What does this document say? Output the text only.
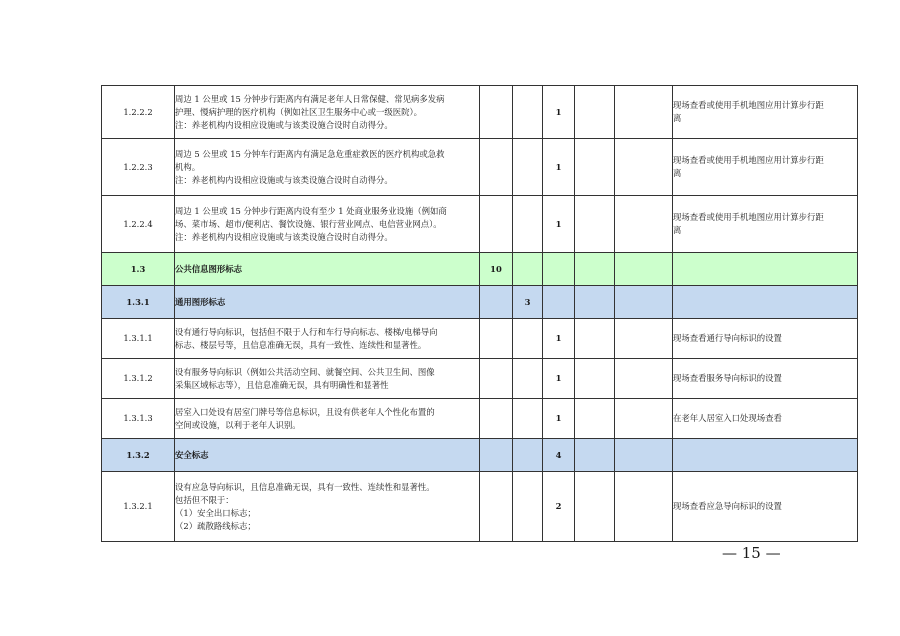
1.2.2.2	周边 1 公里或 15 分钟步行距离内有满足老年人日常保健、常见病多发病
护理、慢病护理的医疗机构（例如社区卫生服务中心或一级医院）。
注：养老机构内设相应设施或与该类设施合设时自动得分。			1			现场查看或使用手机地图应用计算步行距
离

1.2.2.3	周边 5 公里或 15 分钟车行距离内有满足急危重症救医的医疗机构或急救
机构。
注：养老机构内设相应设施或与该类设施合设时自动得分。			1			现场查看或使用手机地图应用计算步行距
离

1.2.2.4	周边 1 公里或 15 分钟步行距离内设有至少 1 处商业服务业设施（例如商
场、菜市场、超市/便利店、餐饮设施、银行营业网点、电信营业网点）。
注：养老机构内设相应设施或与该类设施合设时自动得分。			1			现场查看或使用手机地图应用计算步行距
离

1.3	公共信息图形标志	10					
1.3.1	通用图形标志		3				
1.3.1.1	设有通行导向标识，包括但不限于人行和车行导向标志、楼梯/电梯导向
标志、楼层号等，且信息准确无误，具有一致性、连续性和显著性。			1			现场查看通行导向标识的设置

1.3.1.2	设有服务导向标识（例如公共活动空间、就餐空间、公共卫生间、图像
采集区域标志等），且信息准确无误，具有明确性和显著性			1			现场查看服务导向标识的设置

1.3.1.3	居室入口处设有居室门牌号等信息标识，且设有供老年人个性化布置的
空间或设施，以利于老年人识别。			1			在老年人居室入口处现场查看

1.3.2	安全标志			4			
1.3.2.1	设有应急导向标识，且信息准确无误，具有一致性、连续性和显著性。
包括但不限于：
（1）安全出口标志；
（2）疏散路线标志；			2			现场查看应急导向标识的设置
— 15 —
